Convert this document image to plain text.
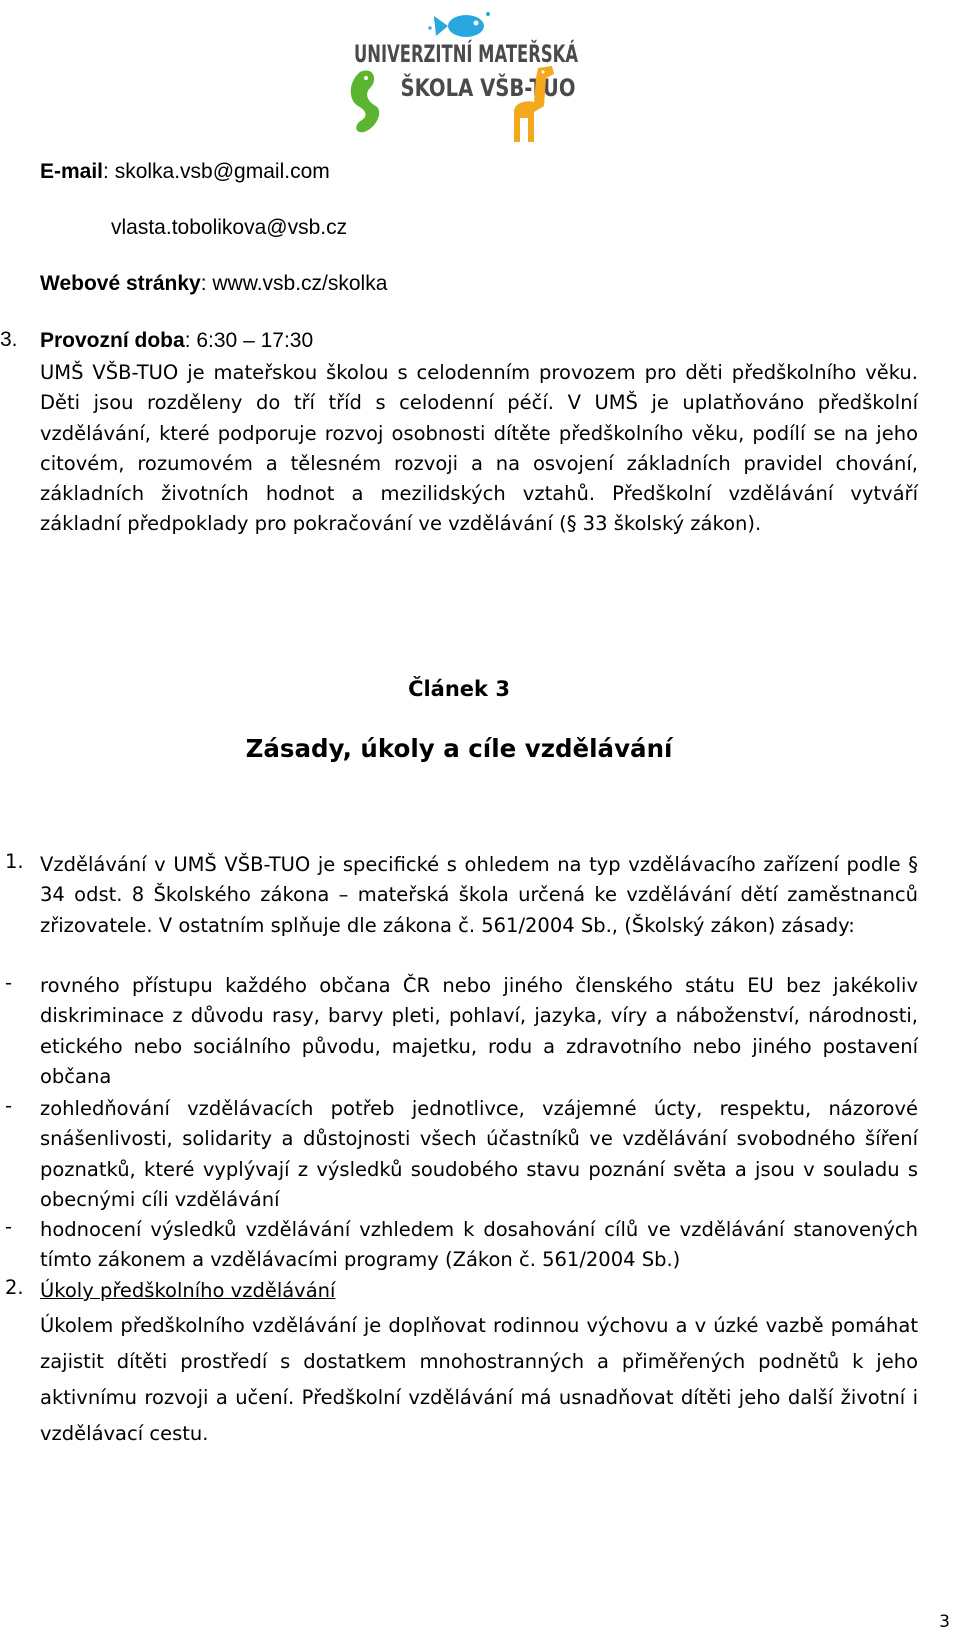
UNIVERZITNÍ MATEŘSKÁ
ŠKOLA VŠB-TUO
E-mail: skolka.vsb@gmail.com
vlasta.tobolikova@vsb.cz
Webové stránky: www.vsb.cz/skolka
3. Provozní doba: 6:30 – 17:30
UMŠ VŠB-TUO je mateřskou školou s celodenním provozem pro děti předškolního věku. Děti jsou rozděleny do tří tříd s celodenní péčí. V UMŠ je uplatňováno předškolní vzdělávání, které podporuje rozvoj osobnosti dítěte předškolního věku, podílí se na jeho citovém, rozumovém a tělesném rozvoji a na osvojení základních pravidel chování, základních životních hodnot a mezilidských vztahů. Předškolní vzdělávání vytváří základní předpoklady pro pokračování ve vzdělávání (§ 33 školský zákon).
Článek 3
Zásady, úkoly a cíle vzdělávání
1. Vzdělávání v UMŠ VŠB-TUO je specifické s ohledem na typ vzdělávacího zařízení podle § 34 odst. 8 Školského zákona – mateřská škola určená ke vzdělávání dětí zaměstnanců zřizovatele. V ostatním splňuje dle zákona č. 561/2004 Sb., (Školský zákon) zásady:
- rovného přístupu každého občana ČR nebo jiného členského státu EU bez jakékoliv diskriminace z důvodu rasy, barvy pleti, pohlaví, jazyka, víry a náboženství, národnosti, etického nebo sociálního původu, majetku, rodu a zdravotního nebo jiného postavení občana
- zohledňování vzdělávacích potřeb jednotlivce, vzájemné úcty, respektu, názorové snášenlivosti, solidarity a důstojnosti všech účastníků ve vzdělávání svobodného šíření poznatků, které vyplývají z výsledků soudobého stavu poznání světa a jsou v souladu s obecnými cíli vzdělávání
- hodnocení výsledků vzdělávání vzhledem k dosahování cílů ve vzdělávání stanovených tímto zákonem a vzdělávacími programy (Zákon č. 561/2004 Sb.)
2. Úkoly předškolního vzdělávání
Úkolem předškolního vzdělávání je doplňovat rodinnou výchovu a v úzké vazbě pomáhat zajistit dítěti prostředí s dostatkem mnohostranných a přiměřených podnětů k jeho aktivnímu rozvoji a učení. Předškolní vzdělávání má usnadňovat dítěti jeho další životní i vzdělávací cestu.
3
